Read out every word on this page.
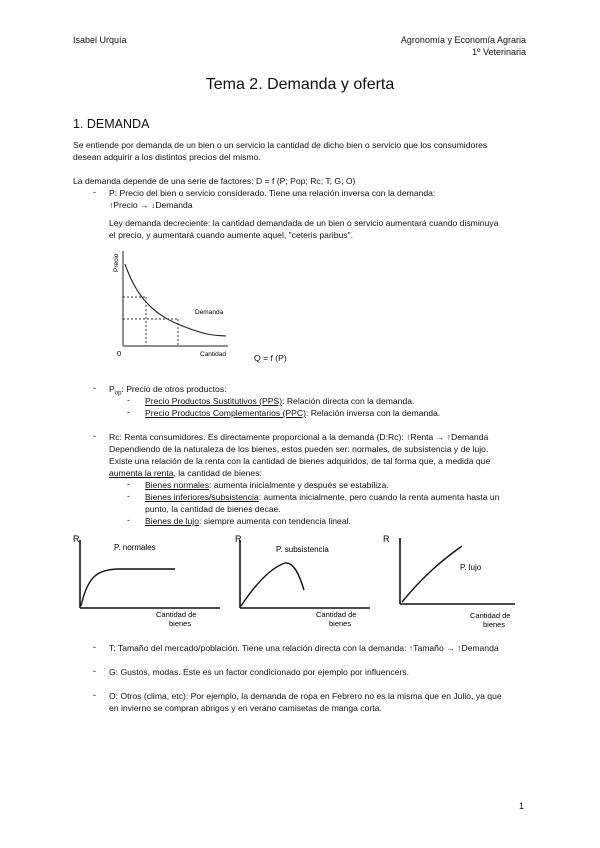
Isabel Urquía	Agronomía y Economía Agraria
1º Veterinaria
Tema 2. Demanda y oferta
1. DEMANDA
Se entiende por demanda de un bien o un servicio la cantidad de dicho bien o servicio que los consumidores
desean adquirir a los distintos precios del mismo.
La demanda depende de una serie de factores: D = f (P; Pop; Rc; T; G; O)
- P: Precio del bien o servicio considerado. Tiene una relación inversa con la demanda:
↑Precio → ↓Demanda
Ley demanda decreciente: la cantidad demandada de un bien o servicio aumentará cuando disminuya
el precio, y aumentará cuando aumente aquel, "ceteris paribus".
Precio
Demanda
Cantidad
0	Q = f (P)
- $P_{op}$: Precio de otros productos:
- Precio Productos Sustitutivos (PPS): Relación directa con la demanda.
- Precio Productos Complementarios (PPC): Relación inversa con la demanda.
- Rc: Renta consumidores. Es directamente proporcional a la demanda (D:Rc): ↑Renta → ↑Demanda
Dependiendo de la naturaleza de los bienes, estos pueden ser: normales, de subsistencia y de lujo.
Existe una relación de la renta con la cantidad de bienes adquiridos, de tal forma que, a medida que
aumenta la renta, la cantidad de bienes:
- Bienes normales: aumenta inicialmente y después se estabiliza.
- Bienes inferiores/subsistencia: aumenta inicialmente, pero cuando la renta aumenta hasta un
punto, la cantidad de bienes decae.
- Bienes de lujo: siempre aumenta con tendencia lineal.
R
P. normales
Cantidad de
bienes
R
P. subsistencia
Cantidad de
bienes
R
P. lujo
Cantidad de
bienes
- T: Tamaño del mercado/población. Tiene una relación directa con la demanda: ↑Tamaño → ↑Demanda
- G: Gustos, modas. Este es un factor condicionado por ejemplo por influencers.
- O: Otros (clima, etc): Por ejemplo, la demanda de ropa en Febrero no es la misma que en Julio, ya que
en invierno se compran abrigos y en verano camisetas de manga corta.
1
